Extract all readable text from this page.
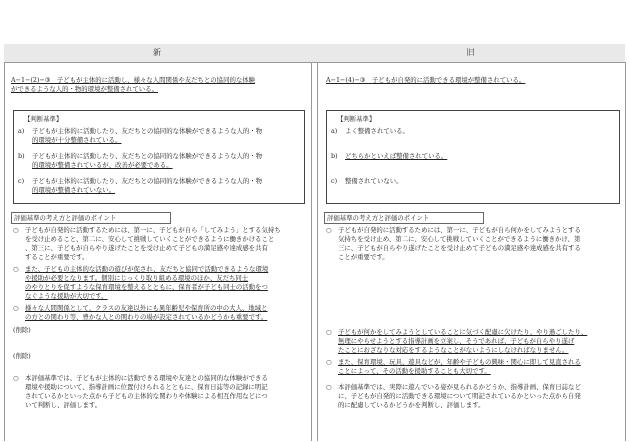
新	旧
A−1−(2)−③　子どもが主体的に活動し、様々な人間関係や友だちとの協同的な体験ができるような人的・物的環境が整備されている。
【判断基準】
a) 子どもが主体的に活動したり、友だちとの協同的な体験ができるような人的・物
的環境が十分整備されている。
b) 子どもが主体的に活動したり、友だちとの協同的な体験ができるような人的・物
的環境が整備されているが、改善が必要である。
c) 子どもが主体的に活動したり、友だちとの協同的な体験ができるような人的・物
的環境が整備されていない。
評価基準の考え方と評価のポイント
○ 子どもが自発的に活動するためには、第一に、子どもが自ら「してみよう」とする気持ち
を受け止めること、第二に、安心して挑戦していくことができるように働きかけること
、第三に、子どもが自らやり遂げたことを受け止めて子どもの満足感や達成感を共有
することが重要です。
○ また、子どもの主体的な活動の遊びが促され、友だちと協同で活動できるような環境
や援助が必要となります。個別にじっくり取り組める環境のほか、友だち同士
のやりとりを促すような保育環境を整えるとともに、保育者が子ども同士の活動をつ
なぐような援助が大切です。
○ 様々な人間関係として、クラスの友達以外にも異年齢児や保育所の中の大人、地域と
の方との関わり等、豊かな人との関わりの場が設定されているかどうかも重要です。
(削除)
(削除)
○ 本評価基準では、子どもが主体的に活動できる環境や友達との協同的な体験ができる
環境や援助について、指導計画に位置付けられるとともに、保育日誌等の記録に明記
されているかといった点から子どもの主体的な関わりや体験による相互作用などにつ
いて判断し、評価します。
A−1−(4)−③　子どもが自発的に活動できる環境が整備されている。
【判断基準】
a) よく整備されている。
b) どちらかといえば整備されている。
c) 整備されていない。
評価基準の考え方と評価のポイント
○ 子どもが自発的に活動するためには、第一に、子どもが自ら何かをしてみようとする
気持ちを受け止め、第二に、安心して挑戦していくことができるように働きかけ、第
三に、子どもが自らやり遂げたことを受け止めて子どもの満足感や達成感を共有する
ことが重要です。
○ 子どもが何かをしてみようとしていることに気づく配慮に欠けたり、やり過ごしたり、
無理にやらせようとする指導計画を立案し、そうであれば、子どもが自らやり遂げ
たことにおざなりな対応をするようなことがないようにしなければなりません。
○ また、保育環境、玩具、遊具などが、年齢や子どもの興味・関心に即して見直される
ことによって、その活動を援助することも大切です。
○ 本評価基準では、実際に遊んでいる姿が見られるかどうか、指導計画、保育日誌など
に、子どもが自発的に活動できる環境について明記されているかといった点から自発
的に配慮しているかどうかを判断し、評価します。
